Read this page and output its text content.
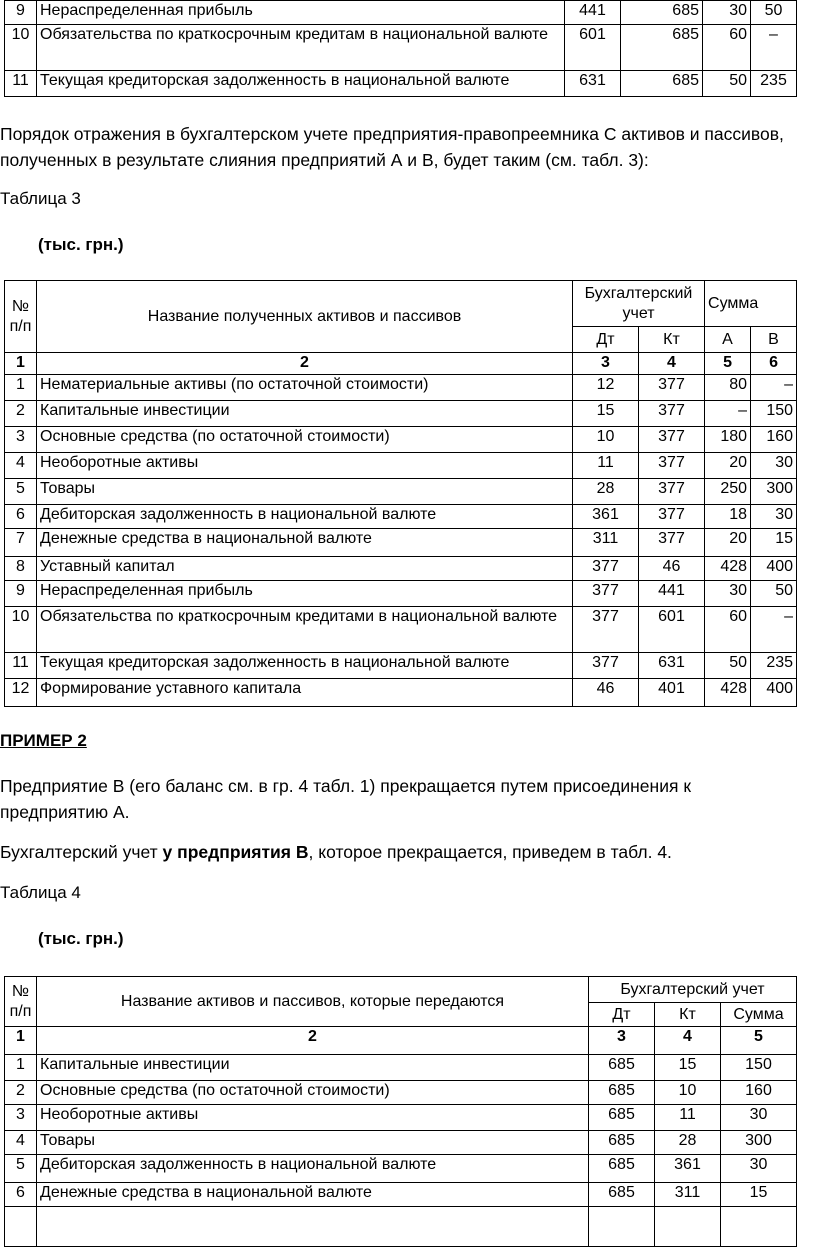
9	Нераспределенная прибыль	441	685	30	50
10	Обязательства по краткосрочным кредитам в национальной валюте	601	685	60	–
11	Текущая кредиторская задолженность в национальной валюте	631	685	50	235

Порядок отражения в бухгалтерском учете предприятия-правопреемника С активов и пассивов, полученных в результате слияния предприятий А и В, будет таким (см. табл. 3):

Таблица 3

(тыс. грн.)

№ п/п	Название полученных активов и пассивов	Бухгалтерский учет		Сумма	
		Дт	Кт	А	В
1	2	3	4	5	6
1	Нематериальные активы (по остаточной стоимости)	12	377	80	–
2	Капитальные инвестиции	15	377	–	150
3	Основные средства (по остаточной стоимости)	10	377	180	160
4	Необоротные активы	11	377	20	30
5	Товары	28	377	250	300
6	Дебиторская задолженность в национальной валюте	361	377	18	30
7	Денежные средства в национальной валюте	311	377	20	15
8	Уставный капитал	377	46	428	400
9	Нераспределенная прибыль	377	441	30	50
10	Обязательства по краткосрочным кредитами в национальной валюте	377	601	60	–
11	Текущая кредиторская задолженность в национальной валюте	377	631	50	235
12	Формирование уставного капитала	46	401	428	400

ПРИМЕР 2

Предприятие В (его баланс см. в гр. 4 табл. 1) прекращается путем присоединения к предприятию А.

Бухгалтерский учет у предприятия В, которое прекращается, приведем в табл. 4.

Таблица 4

(тыс. грн.)

№ п/п	Название активов и пассивов, которые передаются	Бухгалтерский учет		
		Дт	Кт	Сумма
1	2	3	4	5
1	Капитальные инвестиции	685	15	150
2	Основные средства (по остаточной стоимости)	685	10	160
3	Необоротные активы	685	11	30
4	Товары	685	28	300
5	Дебиторская задолженность в национальной валюте	685	361	30
6	Денежные средства в национальной валюте	685	311	15
